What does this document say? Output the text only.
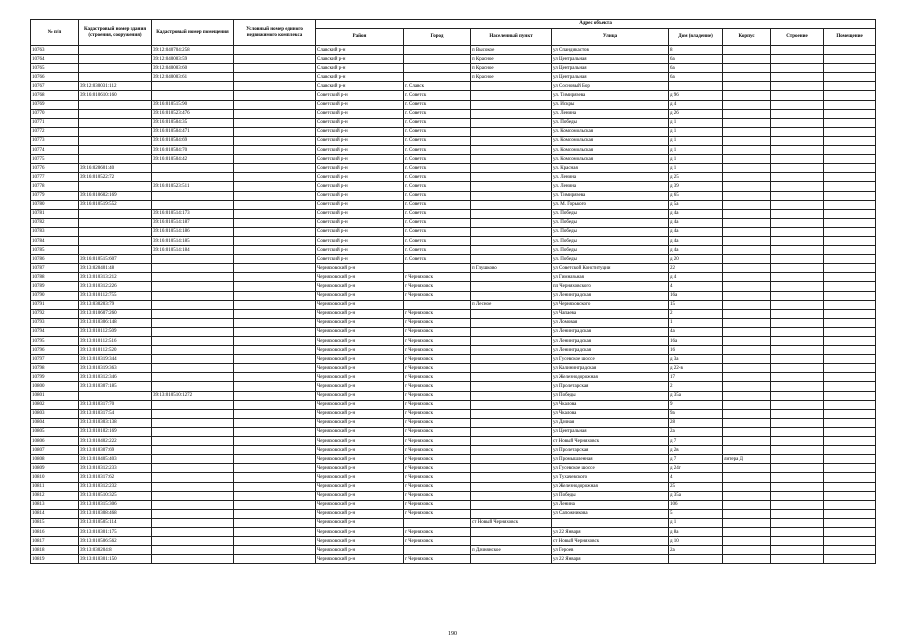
№ п/п	Кадастровый номер здания (строения, сооружения)	Кадастровый номер помещения	Условный номер единого недвижимого комплекса	Адрес объекта							
				Район	Город	Населенный пункт	Улица	Дом (владение)	Корпус	Строение	Помещение
10763		39:12:040704:258		Славский р-н		п Высокое	ул Спандикастов	8			
10764		39:12:040003:59		Славский р-н		п Красное	ул Центральная	6а			
10765		39:12:040003:60		Славский р-н		п Красное	ул Центральная	6а			
10766		39:12:040003:61		Славский р-н		п Красное	ул Центральная	6а			
10767	39:12:030031:112			Славский р-н	г. Славск		ул Сосновый Бор				
10768	39:16:010610:160			Советский р-н	г. Советск		ул. Тимирязева	д 96			
10769		39:16:010515:90		Советский р-н	г. Советск		ул. Искры	д 4			
10770		39:16:010523:476		Советский р-н	г. Советск		ул. Ленина	д 26			
10771		39:16:010504:35		Советский р-н	г. Советск		ул. Победы	д 1			
10772		39:16:010504:471		Советский р-н	г. Советск		ул. Комсомольская	д 1			
10773		39:16:010504:69		Советский р-н	г. Советск		ул. Комсомольская	д 1			
10774		39:16:010504:70		Советский р-н	г. Советск		ул. Комсомольская	д 1			
10775		39:16:010504:42		Советский р-н	г. Советск		ул. Комсомольская	д 1			
10776	39:16:020601:40			Советский р-н	г. Советск		ул. Красная	д 1			
10777	39:16:010522:72			Советский р-н	г. Советск		ул. Ленина	д 25			
10778		39:16:010523:511		Советский р-н	г. Советск		ул. Ленина	д 39			
10779	39:16:010602:169			Советский р-н	г. Советск		ул. Тимирязева	д 65			
10780	39:16:010519:552			Советский р-н	г. Советск		ул. М. Горького	д 5а			
10781		39:16:010514:173		Советский р-н	г. Советск		ул. Победы	д 4а			
10782		39:16:010514:187		Советский р-н	г. Советск		ул. Победы	д 4а			
10783		39:16:010514:186		Советский р-н	г. Советск		ул. Победы	д 4а			
10784		39:16:010514:185		Советский р-н	г. Советск		ул. Победы	д 4а			
10785		39:16:010514:184		Советский р-н	г. Советск		ул. Победы	д 4а			
10786	39:16:010515:607			Советский р-н	г. Советск		ул. Победы	д 20			
10787	39:13:020401:48			Черняховский р-н		п Глушково	ул Советской Конституции	22			
10788	39:13:010313:212			Черняховский р-н	г Черняховск		ул Гимназьная	д 4			
10789	39:13:010312:226			Черняховский р-н	г Черняховск		пл Черняховского	4			
10790	39:13:010112:755			Черняховский р-н	г Черняховск		ул Ленинградская	16а			
10791	39:13:030203:79			Черняховский р-н		п Лесное	ул Черняховского	15			
10792	39:13:010607:260			Черняховский р-н	г Черняховск		ул Чапаева	2			
10793	39:13:010306:148			Черняховский р-н	г Черняховск		ул Ломовая	1			
10794	39:13:010112:509			Черняховский р-н	г Черняховск		ул Ленинградская	4а			
10795	39:13:010112:516			Черняховский р-н	г Черняховск		ул Ленинградская	16а			
10796	39:13:010112:520			Черняховский р-н	г Черняховск		ул Ленинградская	16			
10797	39:13:010319:344			Черняховский р-н	г Черняховск		ул Гусевское шоссе	д 3а			
10798	39:13:010319:363			Черняховский р-н	г Черняховск		ул Калининградская	д 22-в			
10799	39:13:010312:346			Черняховский р-н	г Черняховск		ул Железнодорожная	17			
10800	39:13:010307:185			Черняховский р-н	г Черняховск		ул Пролетарская	2			
10801		39:13:010510:1272		Черняховский р-н	г Черняховск		ул Победы	д 35а			
10802	39:13:010317:70			Черняховский р-н	г Черняховск		ул Чкалова	9			
10803	39:13:010317:54			Черняховский р-н	г Черняховск		ул Чкалова	9а			
10804	39:13:010303:138			Черняховский р-н	г Черняховск		ул Дачная	28			
10805	39:13:010102:169			Черняховский р-н	г Черняховск		ул Центральная	2а			
10806	39:13:010402:222			Черняховский р-н	г Черняховск		ст Новый Черняховск	д 7			
10807	39:13:010307:69			Черняховский р-н	г Черняховск		ул Пролетарская	д 2в			
10808	39:13:010405:403			Черняховский р-н	г Черняховск		ул Промышленная	д 7	литера Д		
10809	39:13:010312:233			Черняховский р-н	г Черняховск		ул Гусевское шоссе	д 24г			
10810	39:13:010317:62			Черняховский р-н	г Черняховск		ул Тухачевского	4			
10811	39:13:010312:232			Черняховский р-н	г Черняховск		ул Железнодорожная	25			
10812	39:13:010510:325			Черняховский р-н	г Черняховск		ул Победы	д 35а			
10813	39:13:010315:306			Черняховский р-н	г Черняховск		ул Ленина	106			
10814	39:13:010308:468			Черняховский р-н	г Черняховск		ул Сапожникова	5			
10815	39:13:010505:114			Черняховский р-н		ст Новый Черняховск		д 1			
10816	39:13:010301:175			Черняховский р-н	г Черняховск		ул 22 Января	д 8а			
10817	39:13:010506:562			Черняховский р-н	г Черняховск		ст Новый Черняховск	д 10			
10818	39:13:030204:8			Черняховский р-н		п Дачнянское	ул Героев	2а			
10819	39:13:010301:150			Черняховский р-н	г Черняховск		ул 22 Января				
190
